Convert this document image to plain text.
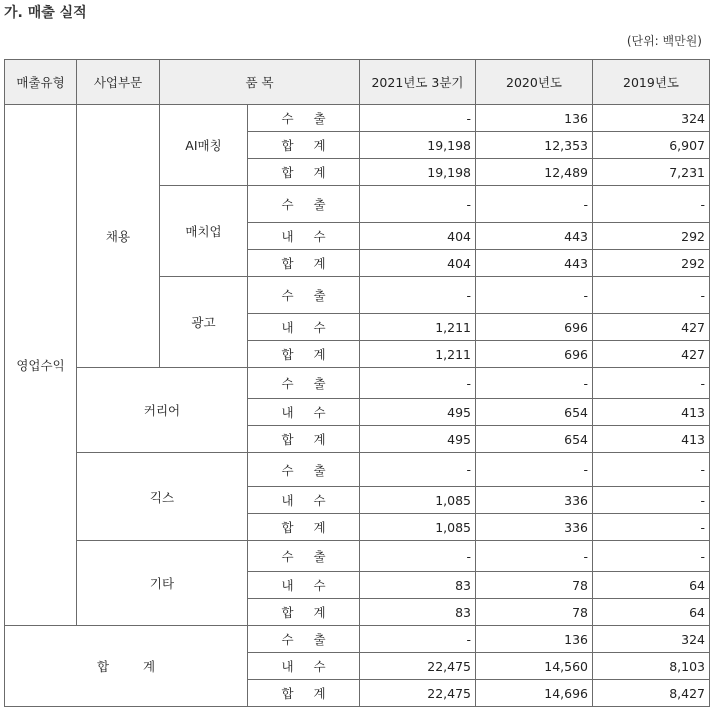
가. 매출 실적
(단위: 백만원)
매출유형	사업부문	품 목		2021년도 3분기	2020년도	2019년도
영업수익	채용	AI매칭	수 출	-	136	324
			합 계	19,198	12,353	6,907
			합 계	19,198	12,489	7,231
		매치업	수 출	-	-	-
			내 수	404	443	292
			합 계	404	443	292
		광고	수 출	-	-	-
			내 수	1,211	696	427
			합 계	1,211	696	427
	커리어		수 출	-	-	-
			내 수	495	654	413
			합 계	495	654	413
	긱스		수 출	-	-	-
			내 수	1,085	336	-
			합 계	1,085	336	-
	기타		수 출	-	-	-
			내 수	83	78	64
			합 계	83	78	64
합 계			수 출	-	136	324
			내 수	22,475	14,560	8,103
			합 계	22,475	14,696	8,427
